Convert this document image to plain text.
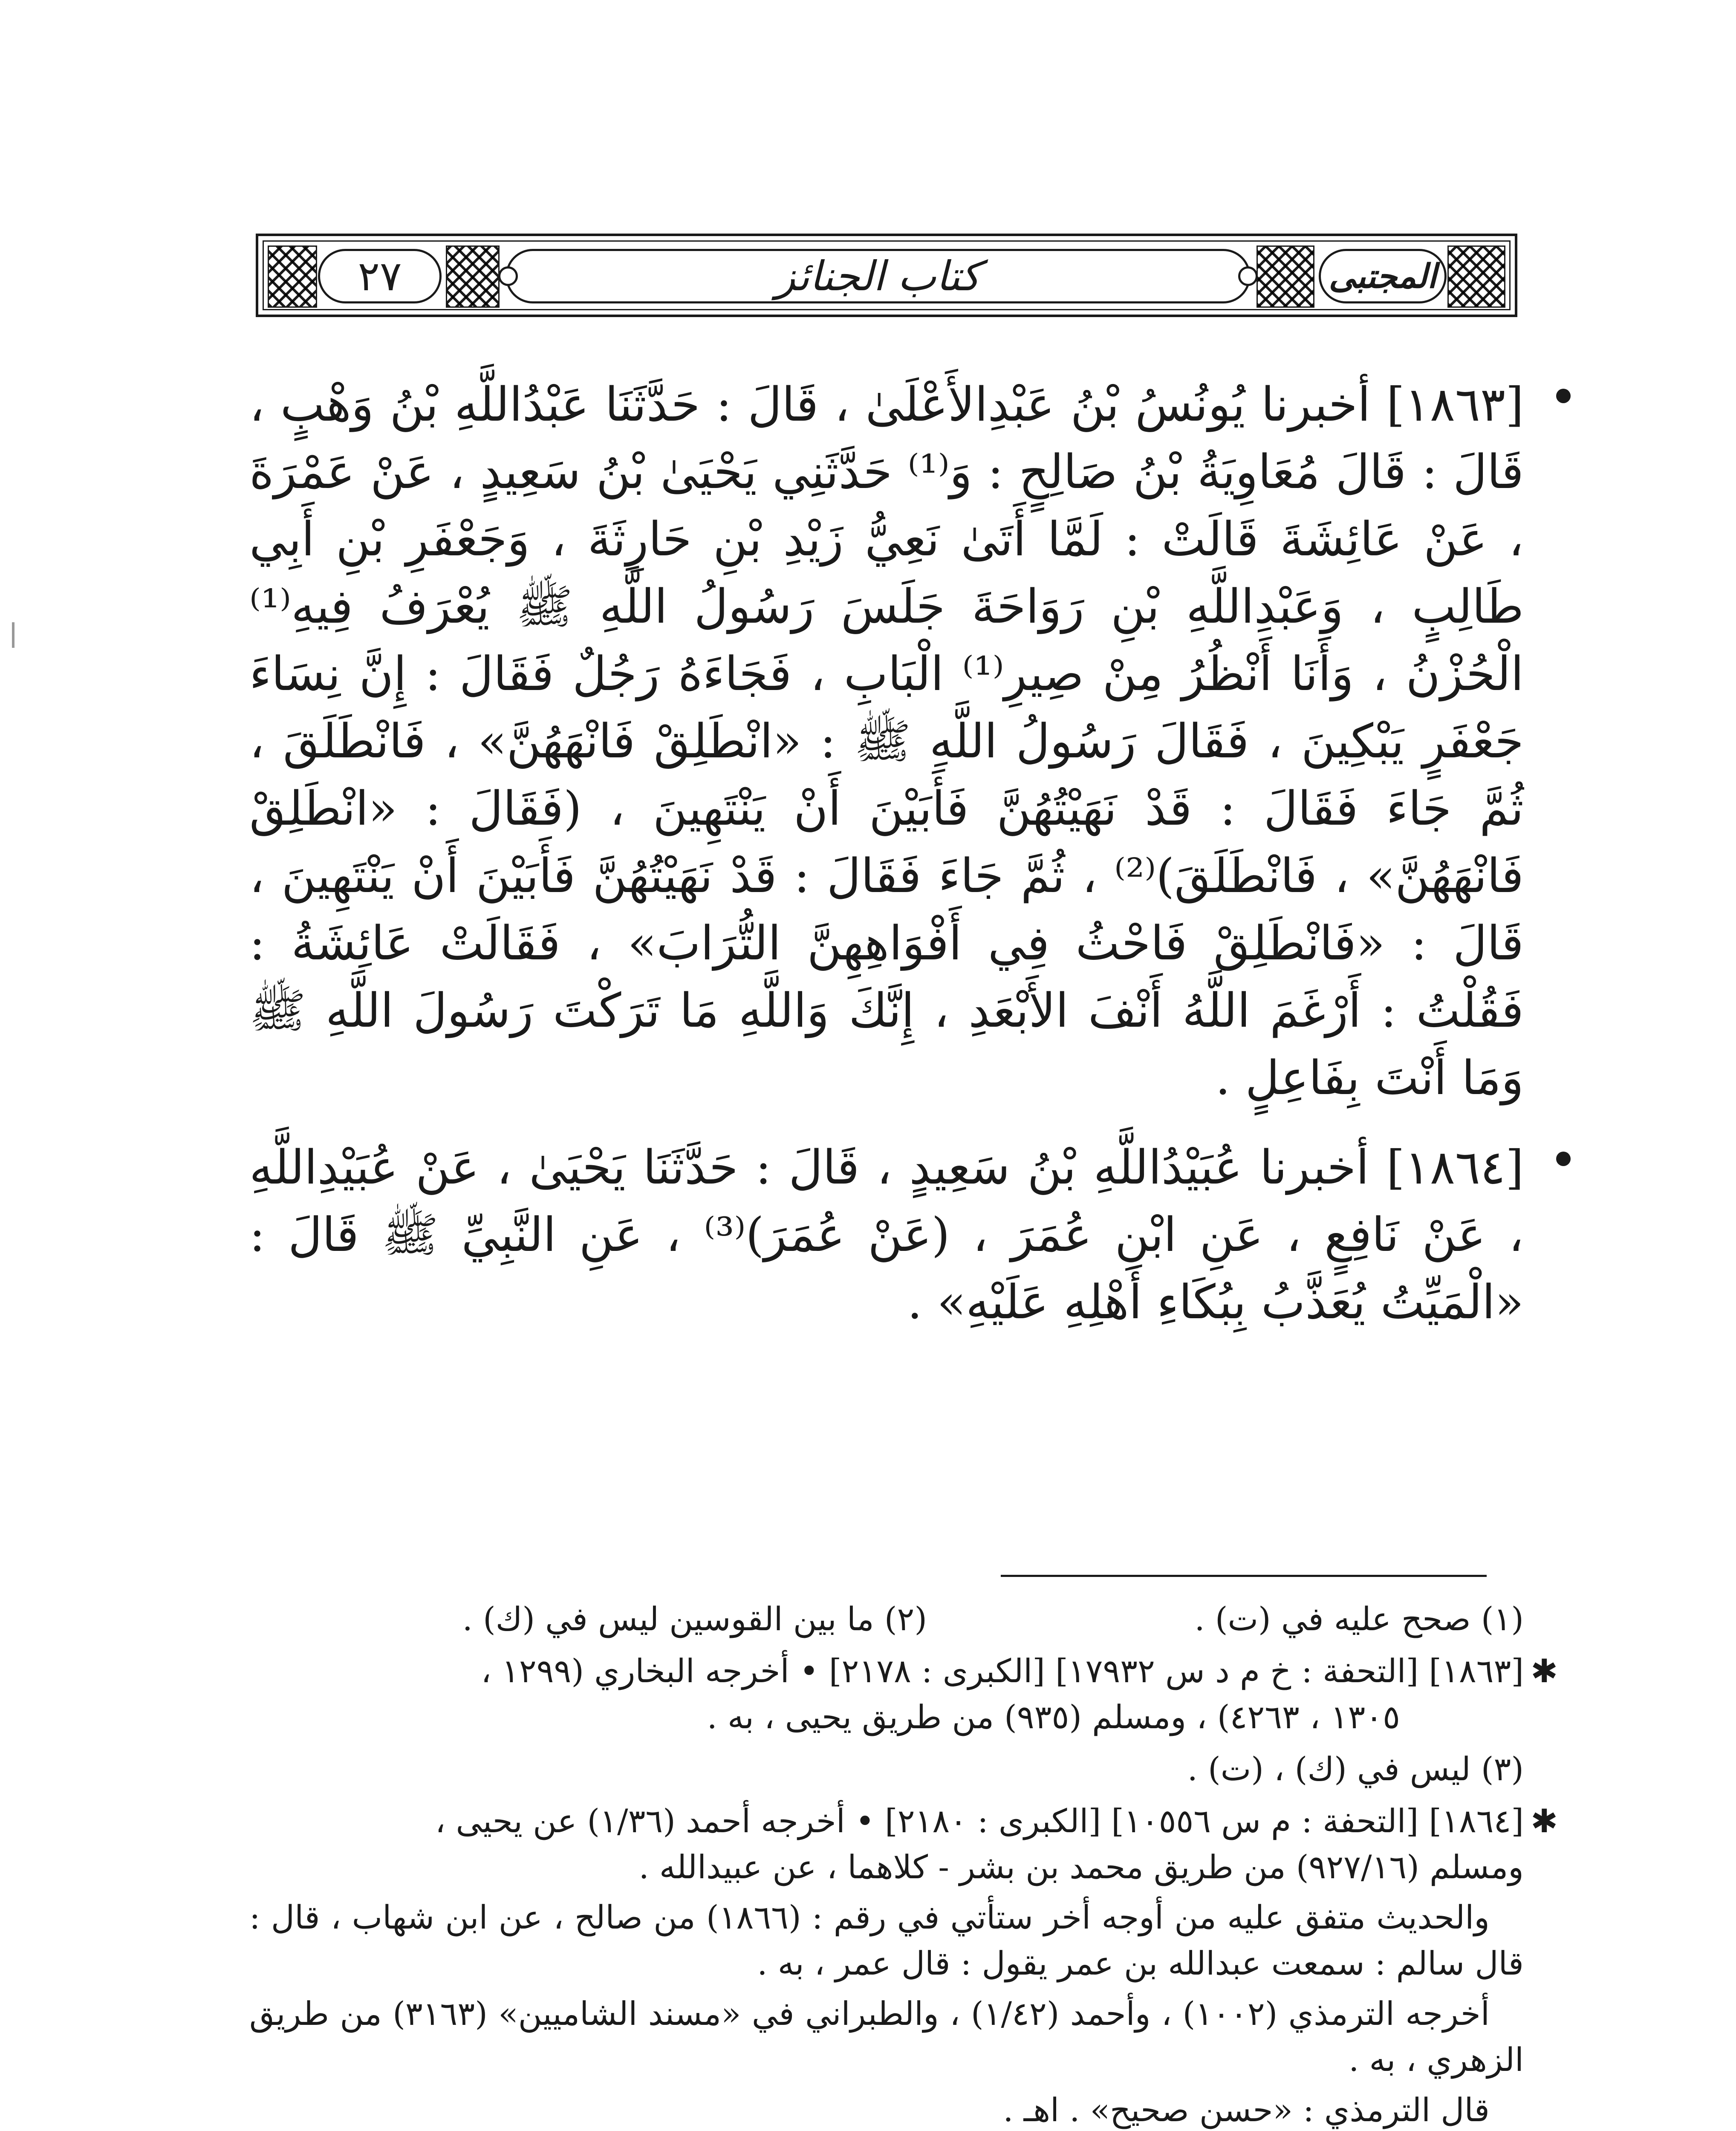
المجتبى
كتاب الجنائز
٢٧
[١٨٦٣] أخبرنا يُونُسُ بْنُ عَبْدِالأَعْلَىٰ ، قَالَ : حَدَّثَنَا عَبْدُاللَّهِ بْنُ وَهْبٍ ، قَالَ : قَالَ مُعَاوِيَةُ بْنُ صَالِحٍ : وَ⁽¹⁾ حَدَّثَنِي يَحْيَىٰ بْنُ سَعِيدٍ ، عَنْ عَمْرَةَ ، عَنْ عَائِشَةَ قَالَتْ : لَمَّا أَتَىٰ نَعِيُّ زَيْدِ بْنِ حَارِثَةَ ، وَجَعْفَرِ بْنِ أَبِي طَالِبٍ ، وَعَبْدِاللَّهِ بْنِ رَوَاحَةَ جَلَسَ رَسُولُ اللَّهِ ﷺ يُعْرَفُ فِيهِ⁽¹⁾ الْحُزْنُ ، وَأَنَا أَنْظُرُ مِنْ صِيرِ⁽¹⁾ الْبَابِ ، فَجَاءَهُ رَجُلٌ فَقَالَ : إِنَّ نِسَاءَ جَعْفَرٍ يَبْكِينَ ، فَقَالَ رَسُولُ اللَّهِ ﷺ : «انْطَلِقْ فَانْهَهُنَّ» ، فَانْطَلَقَ ، ثُمَّ جَاءَ فَقَالَ : قَدْ نَهَيْتُهُنَّ فَأَبَيْنَ أَنْ يَنْتَهِينَ ، (فَقَالَ : «انْطَلِقْ فَانْهَهُنَّ» ، فَانْطَلَقَ)⁽²⁾ ، ثُمَّ جَاءَ فَقَالَ : قَدْ نَهَيْتُهُنَّ فَأَبَيْنَ أَنْ يَنْتَهِينَ ، قَالَ : «فَانْطَلِقْ فَاحْثُ فِي أَفْوَاهِهِنَّ التُّرَابَ» ، فَقَالَتْ عَائِشَةُ : فَقُلْتُ : أَرْغَمَ اللَّهُ أَنْفَ الأَبْعَدِ ، إِنَّكَ وَاللَّهِ مَا تَرَكْتَ رَسُولَ اللَّهِ ﷺ وَمَا أَنْتَ بِفَاعِلٍ .
[١٨٦٤] أخبرنا عُبَيْدُاللَّهِ بْنُ سَعِيدٍ ، قَالَ : حَدَّثَنَا يَحْيَىٰ ، عَنْ عُبَيْدِاللَّهِ ، عَنْ نَافِعٍ ، عَنِ ابْنِ عُمَرَ ، (عَنْ عُمَرَ)⁽³⁾ ، عَنِ النَّبِيِّ ﷺ قَالَ : «الْمَيِّتُ يُعَذَّبُ بِبُكَاءِ أَهْلِهِ عَلَيْهِ» .
(١) صحح عليه في (ت) .
(٢) ما بين القوسين ليس في (ك) .
✱
[١٨٦٣] [التحفة : خ م د س ١٧٩٣٢] [الكبرى : ٢١٧٨] • أخرجه البخاري (١٢٩٩ ،
١٣٠٥ ، ٤٢٦٣) ، ومسلم (٩٣٥) من طريق يحيى ، به .
(٣) ليس في (ك) ، (ت) .
✱
[١٨٦٤] [التحفة : م س ١٠٥٥٦] [الكبرى : ٢١٨٠] • أخرجه أحمد (١/٣٦) عن يحيى ،
ومسلم (٩٢٧/١٦) من طريق محمد بن بشر - كلاهما ، عن عبيدالله .
والحديث متفق عليه من أوجه أخر ستأتي في رقم : (١٨٦٦) من صالح ، عن ابن شهاب ، قال : قال سالم : سمعت عبدالله بن عمر يقول : قال عمر ، به .
أخرجه الترمذي (١٠٠٢) ، وأحمد (١/٤٢) ، والطبراني في «مسند الشاميين» (٣١٦٣) من طريق الزهري ، به .
قال الترمذي : «حسن صحيح» . اهـ .
